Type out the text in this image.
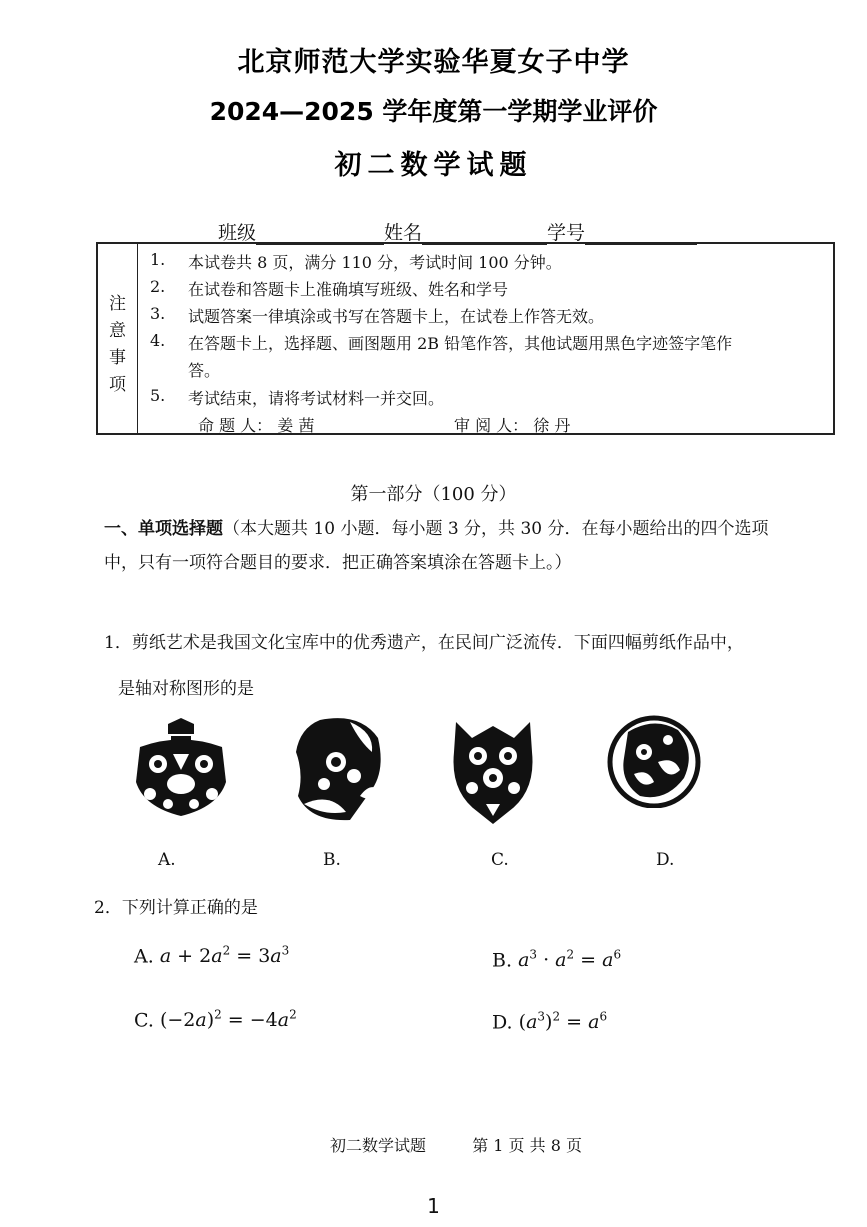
北京师范大学实验华夏女子中学
2024—2025 学年度第一学期学业评价
初二数学试题
班级	姓名	学号
注
意
事
项
1. 本试卷共 8 页，满分 110 分，考试时间 100 分钟。
2. 在试卷和答题卡上准确填写班级、姓名和学号
3. 试题答案一律填涂或书写在答题卡上，在试卷上作答无效。
4. 在答题卡上，选择题、画图题用 2B 铅笔作答，其他试题用黑色字迹签字笔作
答。
5. 考试结束，请将考试材料一并交回。
命 题 人： 姜 茜	审 阅 人： 徐 丹
第一部分（100 分）
一、单项选择题（本大题共 10 小题．每小题 3 分，共 30 分．在每小题给出的四个选项
中，只有一项符合题目的要求．把正确答案填涂在答题卡上。）
1．剪纸艺术是我国文化宝库中的优秀遗产，在民间广泛流传．下面四幅剪纸作品中，
是轴对称图形的是
A.	B.	C.	D.
2．下列计算正确的是
A. $a + 2a^2 = 3a^3$	B. $a^3 \cdot a^2 = a^6$
C. $(-2a)^2 = -4a^2$	D. $(a^3)^2 = a^6$
初二数学试题	第 1 页 共 8 页
1
